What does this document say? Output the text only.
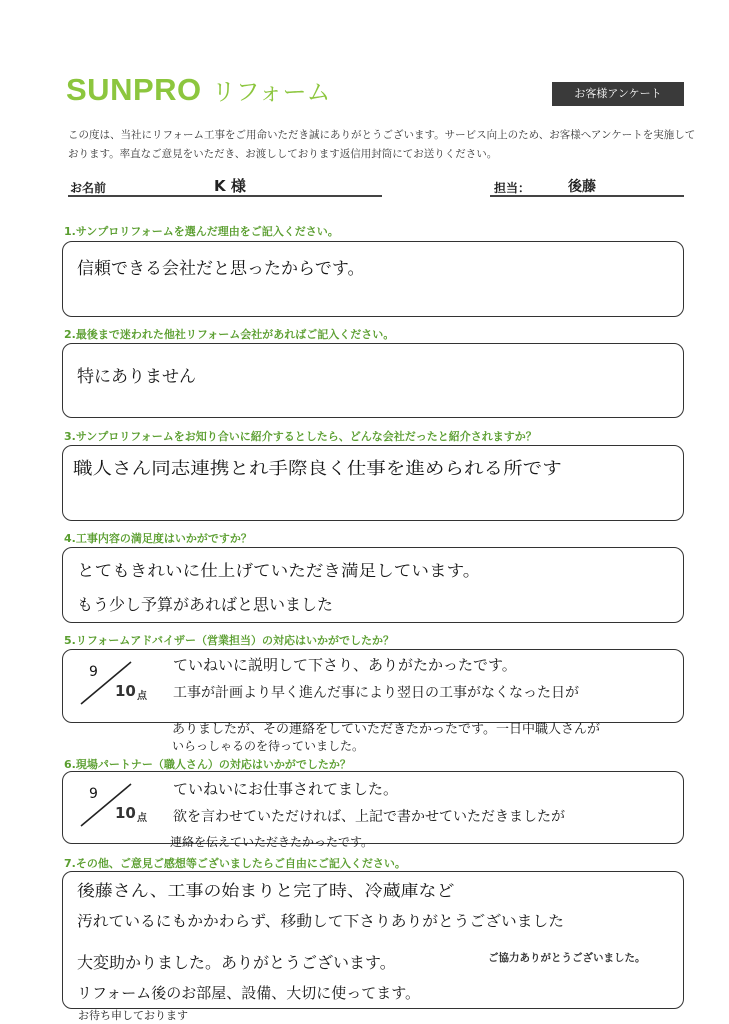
SUNPRO リフォーム	お客様アンケート
この度は、当社にリフォーム工事をご用命いただき誠にありがとうございます。サービス向上のため、お客様へアンケートを実施しております。率直なご意見をいただき、お渡ししております返信用封筒にてお送りください。
お名前	K 様	担当：	後藤
1.サンプロリフォームを選んだ理由をご記入ください。
信頼できる会社だと思ったからです。
2.最後まで迷われた他社リフォーム会社があればご記入ください。
特にありません
3.サンプロリフォームをお知り合いに紹介するとしたら、どんな会社だったと紹介されますか？
職人さん同志連携とれ手際良く仕事を進められる所です
4.工事内容の満足度はいかがですか？
とてもきれいに仕上げていただき満足しています。
もう少し予算があればと思いました
5.リフォームアドバイザー（営業担当）の対応はいかがでしたか？
9
10 点
ていねいに説明して下さり、ありがたかったです。
工事が計画より早く進んだ事により翌日の工事がなくなった日が
ありましたが、その連絡をしていただきたかったです。一日中職人さんが
いらっしゃるのを待っていました。
6.現場パートナー（職人さん）の対応はいかがでしたか？
9
10 点
ていねいにお仕事されてました。
欲を言わせていただければ、上記で書かせていただきましたが
連絡を伝えていただきたかったです。
7.その他、ご意見ご感想等ございましたらご自由にご記入ください。
後藤さん、工事の始まりと完了時、冷蔵庫など
汚れているにもかかわらず、移動して下さりありがとうございました
大変助かりました。ありがとうございます。
リフォーム後のお部屋、設備、大切に使ってます。
お待ち申しております
ご協力ありがとうございました。
